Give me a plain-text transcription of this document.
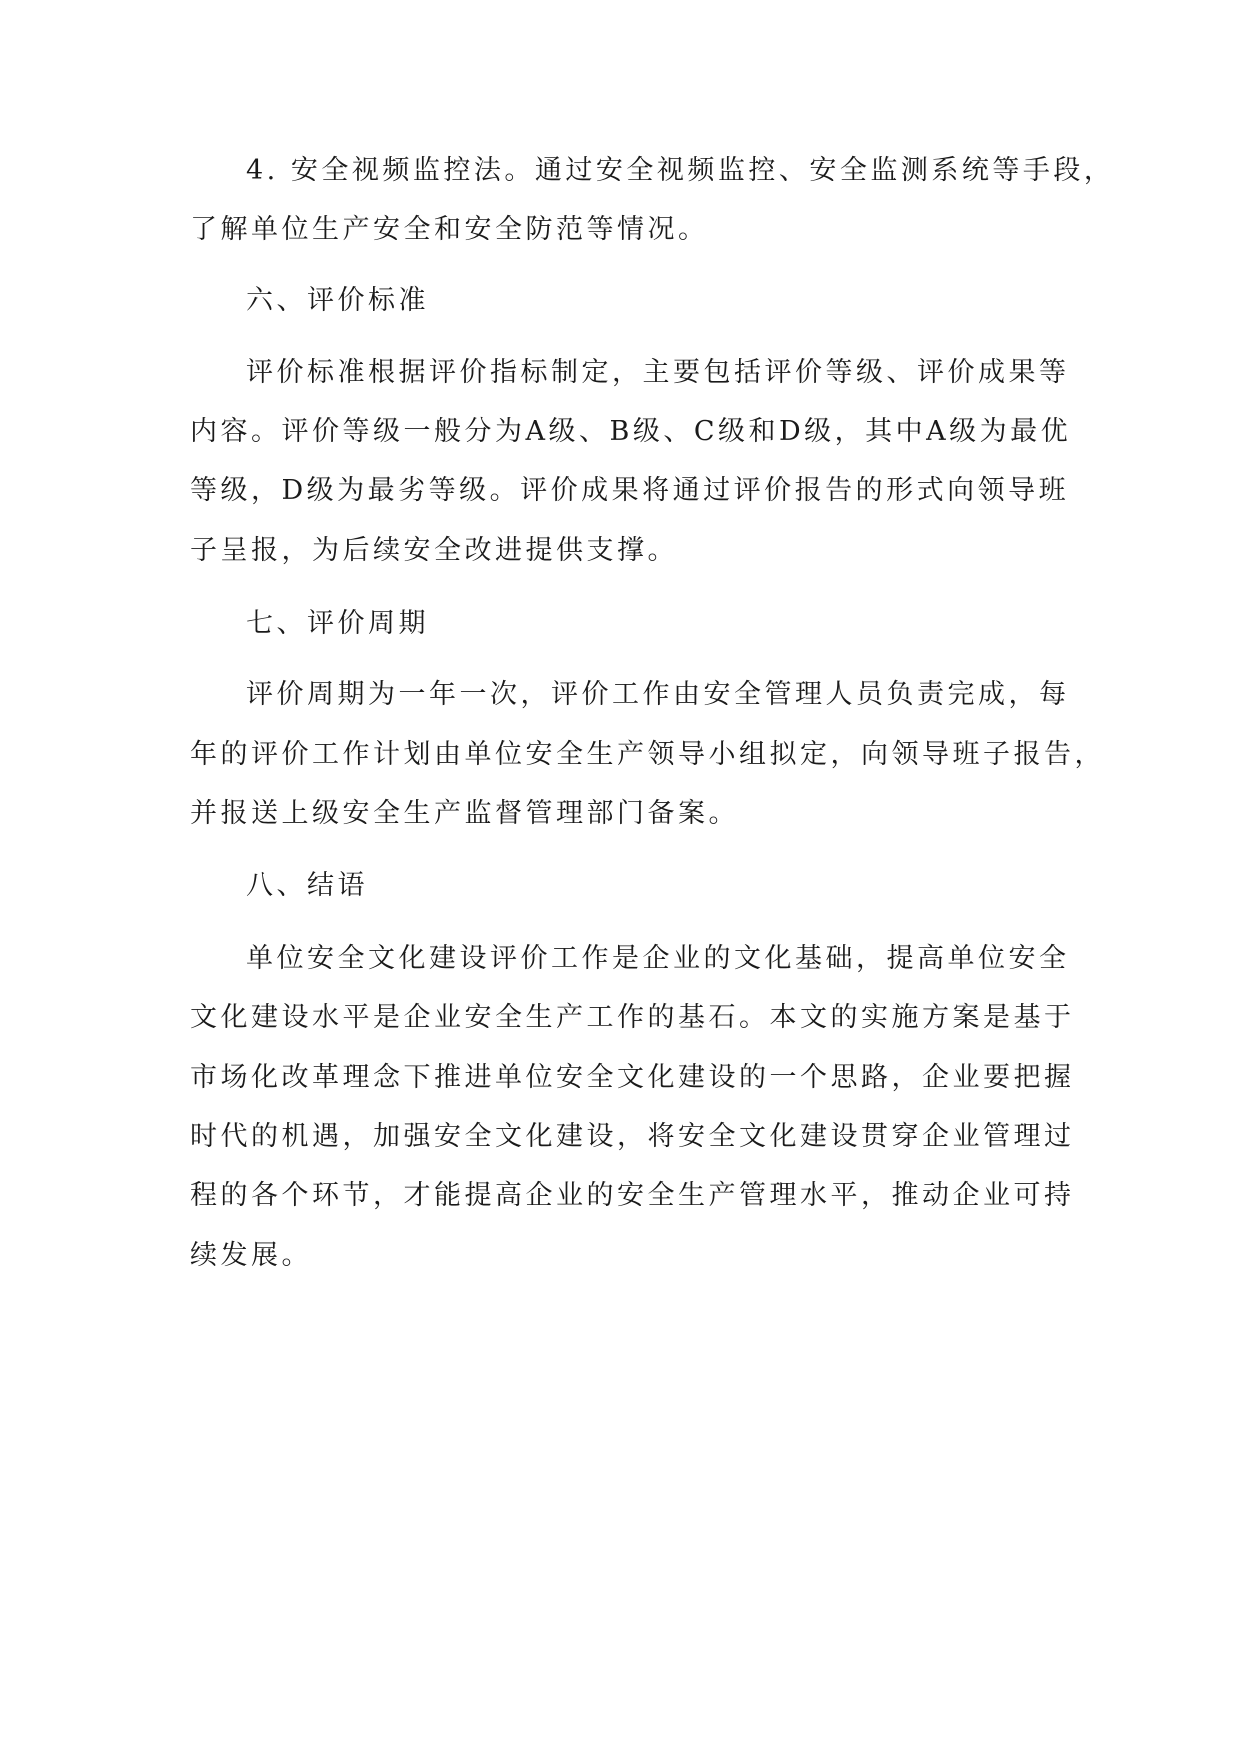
4. 安全视频监控法。通过安全视频监控、安全监测系统等手段，
了解单位生产安全和安全防范等情况。
六、评价标准
评价标准根据评价指标制定，主要包括评价等级、评价成果等
内容。评价等级一般分为A级、B级、C级和D级，其中A级为最优
等级，D级为最劣等级。评价成果将通过评价报告的形式向领导班
子呈报，为后续安全改进提供支撑。
七、评价周期
评价周期为一年一次，评价工作由安全管理人员负责完成，每
年的评价工作计划由单位安全生产领导小组拟定，向领导班子报告，
并报送上级安全生产监督管理部门备案。
八、结语
单位安全文化建设评价工作是企业的文化基础，提高单位安全
文化建设水平是企业安全生产工作的基石。本文的实施方案是基于
市场化改革理念下推进单位安全文化建设的一个思路，企业要把握
时代的机遇，加强安全文化建设，将安全文化建设贯穿企业管理过
程的各个环节，才能提高企业的安全生产管理水平，推动企业可持
续发展。
